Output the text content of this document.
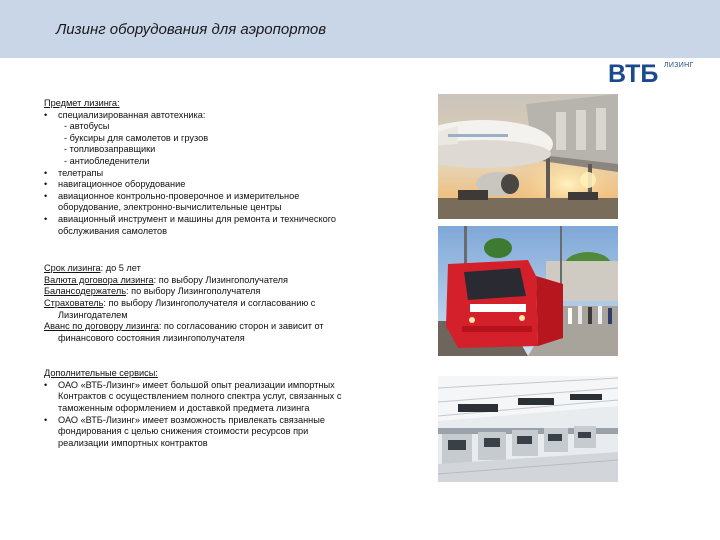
Лизинг оборудования для аэропортов
ВТБ ЛИЗИНГ

Предмет лизинга:

• специализированная автотехника:

- автобусы

- буксиры для самолетов и грузов

- топливозаправщики

- антиобледенители

• телетрапы

• навигационное оборудование

• авиационное контрольно-проверочное и измерительное

оборудование, электронно-вычислительные центры

• авиационный инструмент и машины для ремонта и технического

обслуживания самолетов

Срок лизинга: до 5 лет

Валюта договора лизинга: по выбору Лизингополучателя

Балансодержатель: по выбору Лизингополучателя

Страхователь: по выбору Лизингополучателя и согласованию с

Лизингодателем

Аванс по договору лизинга: по согласованию сторон и зависит от

финансового состояния лизингополучателя

Дополнительные сервисы:

• ОАО «ВТБ-Лизинг» имеет большой опыт реализации импортных

Контрактов с осуществлением полного спектра услуг, связанных с

таможенным оформлением и доставкой предмета лизинга

• ОАО «ВТБ-Лизинг» имеет возможность привлекать связанные

фондирования с целью снижения стоимости ресурсов при

реализации импортных контрактов
